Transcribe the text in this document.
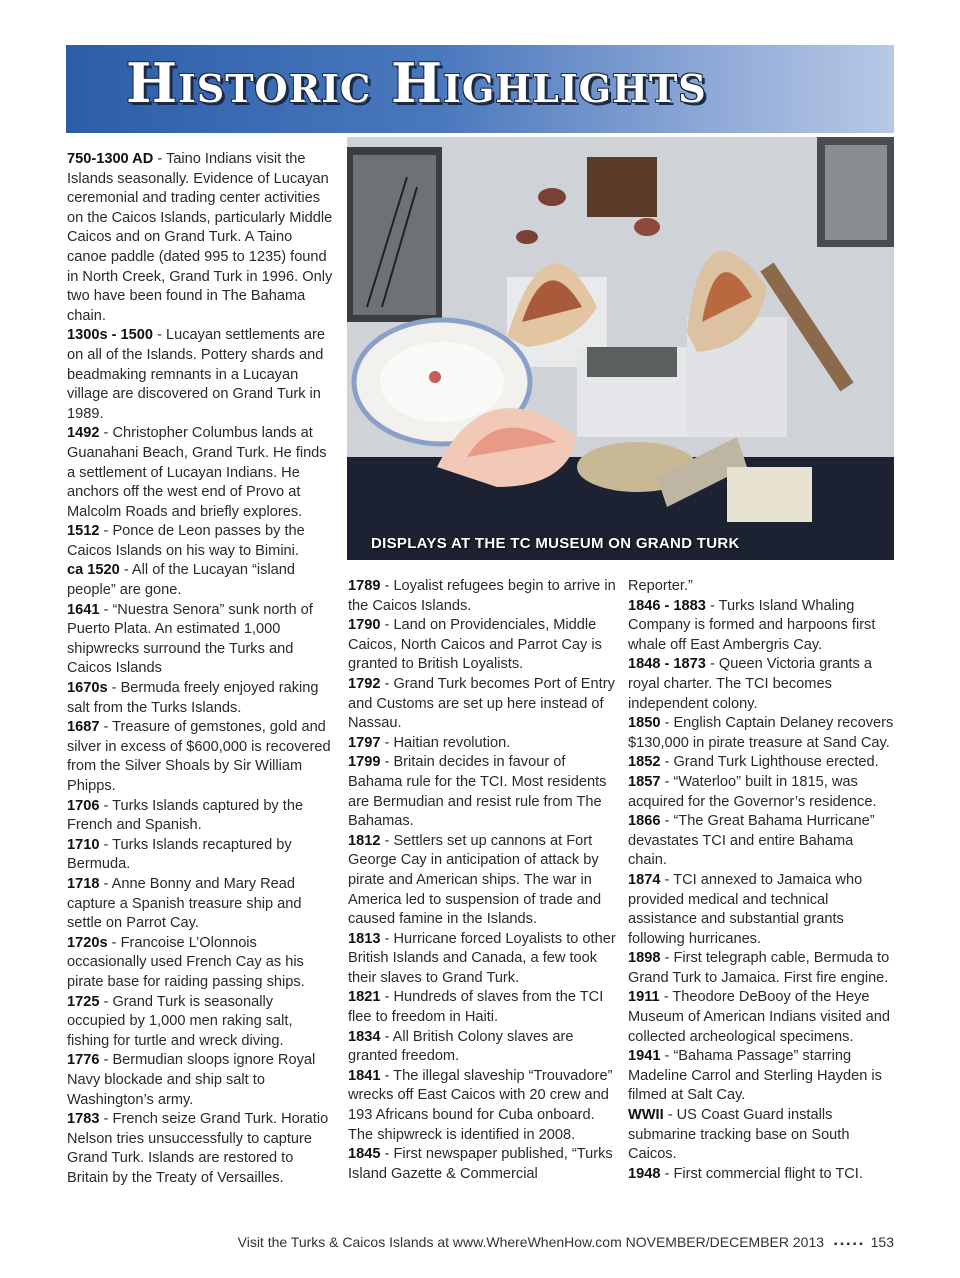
Historic Highlights

750-1300 AD - Taino Indians visit the Islands seasonally. Evidence of Lucayan ceremonial and trading center activities on the Caicos Islands, particularly Middle Caicos and on Grand Turk. A Taino canoe paddle (dated 995 to 1235) found in North Creek, Grand Turk in 1996. Only two have been found in The Bahama chain.

1300s - 1500 - Lucayan settlements are on all of the Islands. Pottery shards and beadmaking remnants in a Lucayan village are discovered on Grand Turk in 1989.

1492 - Christopher Columbus lands at Guanahani Beach, Grand Turk. He finds a settlement of Lucayan Indians. He anchors off the west end of Provo at Malcolm Roads and briefly explores.

1512 - Ponce de Leon passes by the Caicos Islands on his way to Bimini.

ca 1520 - All of the Lucayan “island people” are gone.

1641 - “Nuestra Senora” sunk north of Puerto Plata. An estimated 1,000 shipwrecks surround the Turks and Caicos Islands

1670s - Bermuda freely enjoyed raking salt from the Turks Islands.

1687 - Treasure of gemstones, gold and silver in excess of $600,000 is recovered from the Silver Shoals by Sir William Phipps.

1706 - Turks Islands captured by the French and Spanish.

1710 - Turks Islands recaptured by Bermuda.

1718 - Anne Bonny and Mary Read capture a Spanish treasure ship and settle on Parrot Cay.

1720s - Francoise L’Olonnois occasionally used French Cay as his pirate base for raiding passing ships.

1725 - Grand Turk is seasonally occupied by 1,000 men raking salt, fishing for turtle and wreck diving.

1776 - Bermudian sloops ignore Royal Navy blockade and ship salt to Washington’s army.

1783 - French seize Grand Turk. Horatio Nelson tries unsuccessfully to capture Grand Turk. Islands are restored to Britain by the Treaty of Versailles.

1789 - Loyalist refugees begin to arrive in the Caicos Islands.

1790 - Land on Providenciales, Middle Caicos, North Caicos and Parrot Cay is granted to British Loyalists.

1792 - Grand Turk becomes Port of Entry and Customs are set up here instead of Nassau.

1797 - Haitian revolution.

1799 - Britain decides in favour of Bahama rule for the TCI. Most residents are Bermudian and resist rule from The Bahamas.

1812 - Settlers set up cannons at Fort George Cay in anticipation of attack by pirate and American ships. The war in America led to suspension of trade and caused famine in the Islands.

1813 - Hurricane forced Loyalists to other British Islands and Canada, a few took their slaves to Grand Turk.

1821 - Hundreds of slaves from the TCI flee to freedom in Haiti.

1834 - All British Colony slaves are granted freedom.

1841 - The illegal slaveship “Trouvadore” wrecks off East Caicos with 20 crew and 193 Africans bound for Cuba onboard. The shipwreck is identified in 2008.

1845 - First newspaper published, “Turks Island Gazette & Commercial

Reporter.”

1846 - 1883 - Turks Island Whaling Company is formed and harpoons first whale off East Ambergris Cay.

1848 - 1873 - Queen Victoria grants a royal charter. The TCI becomes independent colony.

1850 - English Captain Delaney recovers $130,000 in pirate treasure at Sand Cay.

1852 - Grand Turk Lighthouse erected.

1857 - “Waterloo” built in 1815, was acquired for the Governor’s residence.

1866 - “The Great Bahama Hurricane” devastates TCI and entire Bahama chain.

1874 - TCI annexed to Jamaica who provided medical and technical assistance and substantial grants following hurricanes.

1898 - First telegraph cable, Bermuda to Grand Turk to Jamaica. First fire engine.

1911 - Theodore DeBooy of the Heye Museum of American Indians visited and collected archeological specimens.

1941 - “Bahama Passage” starring Madeline Carrol and Sterling Hayden is filmed at Salt Cay.

WWII - US Coast Guard installs submarine tracking base on South Caicos.

1948 - First commercial flight to TCI.

DISPLAYS AT THE TC MUSEUM ON GRAND TURK
Visit the Turks & Caicos Islands at www.WhereWhenHow.com NOVEMBER/DECEMBER 2013 ▪ ▪ ▪ ▪ ▪ 153
